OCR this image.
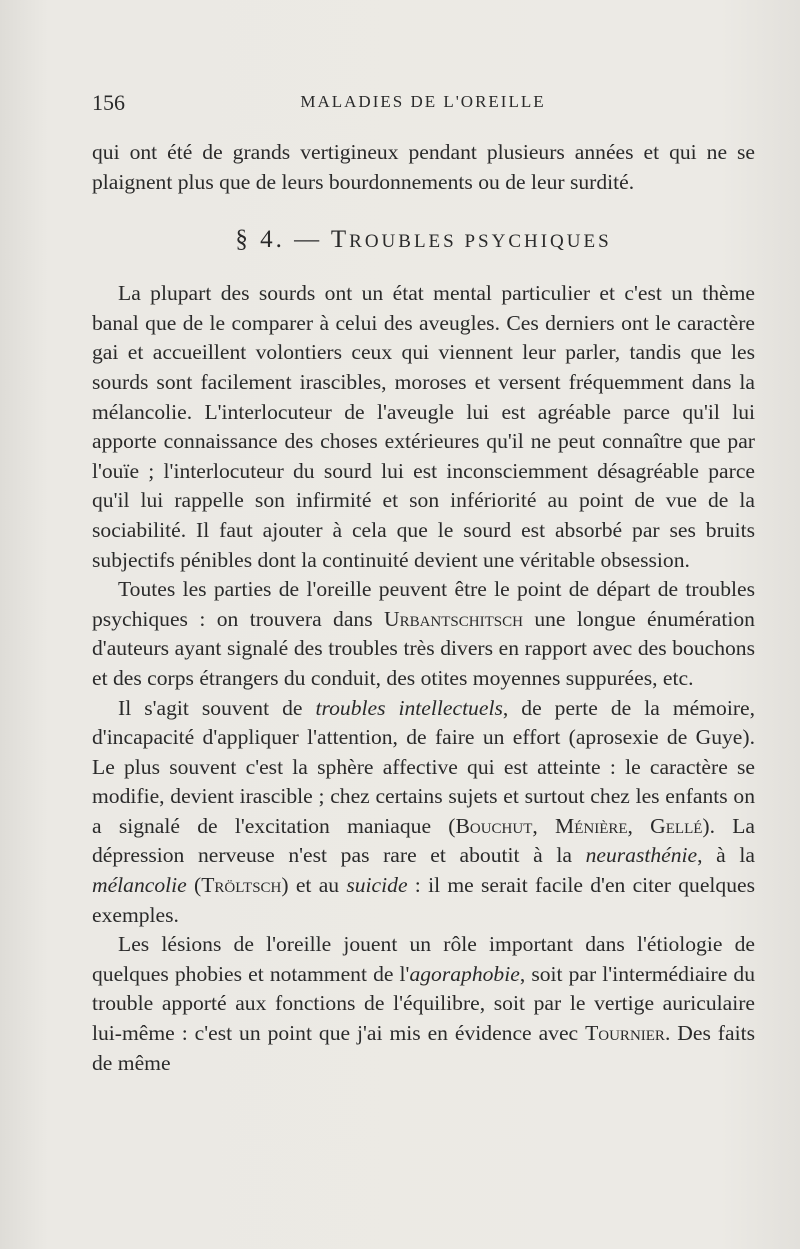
156	MALADIES DE L'OREILLE

qui ont été de grands vertigineux pendant plusieurs années et qui ne se plaignent plus que de leurs bourdonnements ou de leur surdité.

§ 4. — TROUBLES PSYCHIQUES

La plupart des sourds ont un état mental particulier et c'est un thème banal que de le comparer à celui des aveugles. Ces derniers ont le caractère gai et accueillent volontiers ceux qui viennent leur parler, tandis que les sourds sont facilement irascibles, moroses et versent fréquemment dans la mélancolie. L'interlocuteur de l'aveugle lui est agréable parce qu'il lui apporte connaissance des choses extérieures qu'il ne peut connaître que par l'ouïe ; l'interlocuteur du sourd lui est inconsciemment désagréable parce qu'il lui rappelle son infirmité et son infériorité au point de vue de la sociabilité. Il faut ajouter à cela que le sourd est absorbé par ses bruits subjectifs pénibles dont la continuité devient une véritable obsession.

Toutes les parties de l'oreille peuvent être le point de départ de troubles psychiques : on trouvera dans Urbantschitsch une longue énumération d'auteurs ayant signalé des troubles très divers en rapport avec des bouchons et des corps étrangers du conduit, des otites moyennes suppurées, etc.

Il s'agit souvent de troubles intellectuels, de perte de la mémoire, d'incapacité d'appliquer l'attention, de faire un effort (aprosexie de Guye). Le plus souvent c'est la sphère affective qui est atteinte : le caractère se modifie, devient irascible ; chez certains sujets et surtout chez les enfants on a signalé de l'excitation maniaque (Bouchut, Ménière, Gellé). La dépression nerveuse n'est pas rare et aboutit à la neurasthénie, à la mélancolie (Tröltsch) et au suicide : il me serait facile d'en citer quelques exemples.

Les lésions de l'oreille jouent un rôle important dans l'étiologie de quelques phobies et notamment de l'agoraphobie, soit par l'intermédiaire du trouble apporté aux fonctions de l'équilibre, soit par le vertige auriculaire lui-même : c'est un point que j'ai mis en évidence avec Tournier. Des faits de même
